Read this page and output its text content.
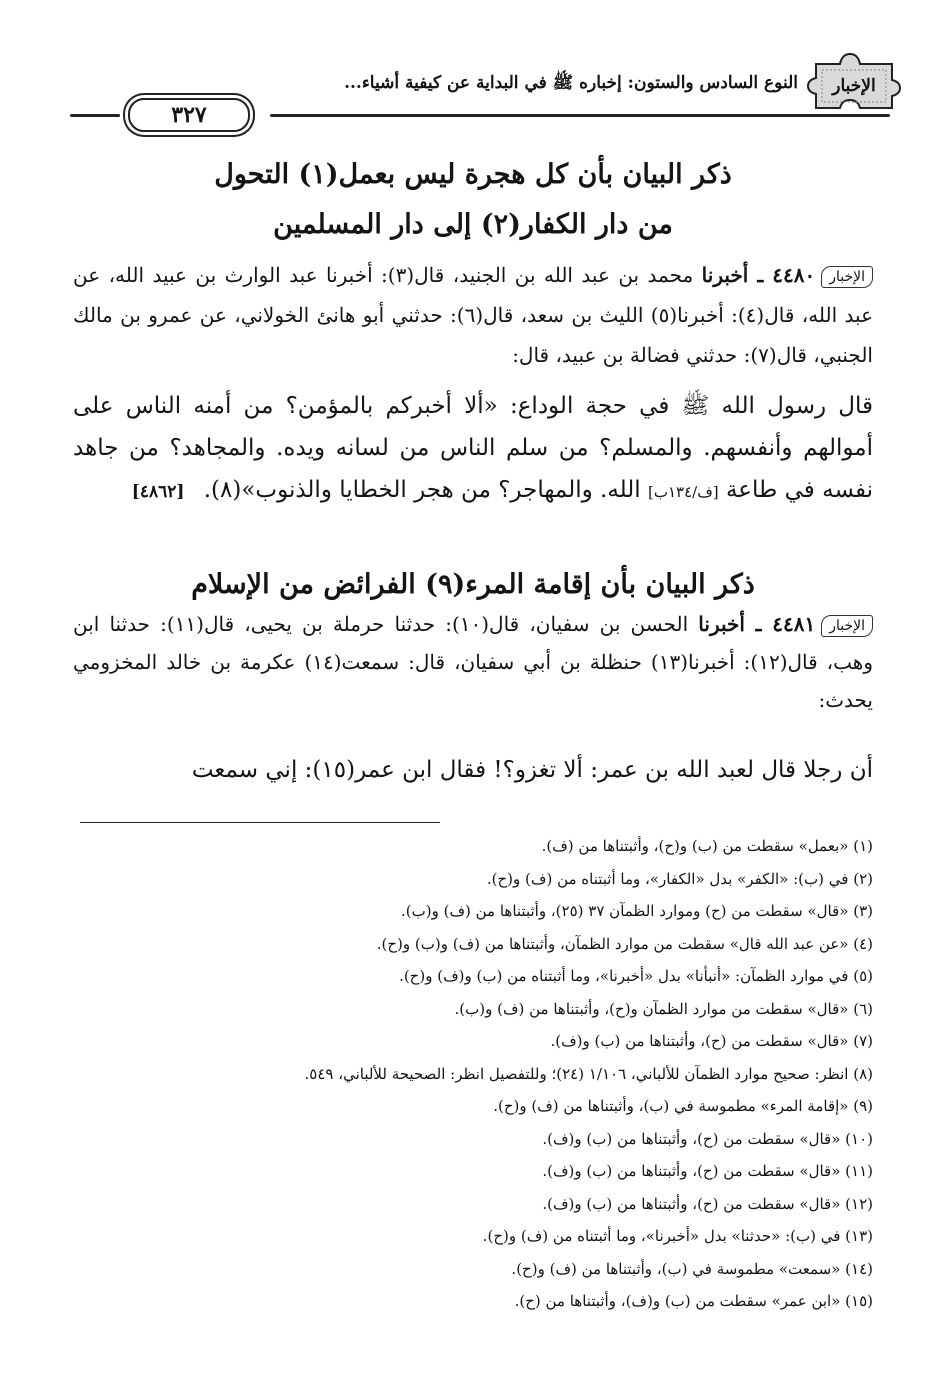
الإخبار
النوع السادس والستون: إخباره ﷺ في البداية عن كيفية أشياء...
٣٢٧
ذكر البيان بأن كل هجرة ليس بعمل(١) التحول
من دار الكفار(٢) إلى دار المسلمين
الإخبار٤٤٨٠ ـ أخبرنا محمد بن عبد الله بن الجنيد، قال(٣): أخبرنا عبد الوارث بن عبيد الله، عن عبد الله، قال(٤): أخبرنا(٥) الليث بن سعد، قال(٦): حدثني أبو هانئ الخولاني، عن عمرو بن مالك الجنبي، قال(٧): حدثني فضالة بن عبيد، قال:
قال رسول الله ﷺ في حجة الوداع: «ألا أخبركم بالمؤمن؟ من أمنه الناس على أموالهم وأنفسهم. والمسلم؟ من سلم الناس من لسانه ويده. والمجاهد؟ من جاهد نفسه في طاعة [ف/١٣٤ب] الله. والمهاجر؟ من هجر الخطايا والذنوب»(٨). [٤٨٦٢]
ذكر البيان بأن إقامة المرء(٩) الفرائض من الإسلام
الإخبار٤٤٨١ ـ أخبرنا الحسن بن سفيان، قال(١٠): حدثنا حرملة بن يحيى، قال(١١): حدثنا ابن وهب، قال(١٢): أخبرنا(١٣) حنظلة بن أبي سفيان، قال: سمعت(١٤) عكرمة بن خالد المخزومي يحدث:
أن رجلا قال لعبد الله بن عمر: ألا تغزو؟! فقال ابن عمر(١٥): إني سمعت
(١) «بعمل» سقطت من (ب) و(ح)، وأثبتناها من (ف).
(٢) في (ب): «الكفر» بدل «الكفار»، وما أثبتناه من (ف) و(ح).
(٣) «قال» سقطت من (ح) وموارد الظمآن ٣٧ (٢٥)، وأثبتناها من (ف) و(ب).
(٤) «عن عبد الله قال» سقطت من موارد الظمآن، وأثبتناها من (ف) و(ب) و(ح).
(٥) في موارد الظمآن: «أنبأنا» بدل «أخبرنا»، وما أثبتناه من (ب) و(ف) و(ح).
(٦) «قال» سقطت من موارد الظمآن و(ح)، وأثبتناها من (ف) و(ب).
(٧) «قال» سقطت من (ح)، وأثبتناها من (ب) و(ف).
(٨) انظر: صحيح موارد الظمآن للألباني، ١/١٠٦ (٢٤)؛ وللتفصيل انظر: الصحيحة للألباني، ٥٤٩.
(٩) «إقامة المرء» مطموسة في (ب)، وأثبتناها من (ف) و(ح).
(١٠) «قال» سقطت من (ح)، وأثبتناها من (ب) و(ف).
(١١) «قال» سقطت من (ح)، وأثبتناها من (ب) و(ف).
(١٢) «قال» سقطت من (ح)، وأثبتناها من (ب) و(ف).
(١٣) في (ب): «حدثنا» بدل «أخبرنا»، وما أثبتناه من (ف) و(ح).
(١٤) «سمعت» مطموسة في (ب)، وأثبتناها من (ف) و(ح).
(١٥) «ابن عمر» سقطت من (ب) و(ف)، وأثبتناها من (ح).
